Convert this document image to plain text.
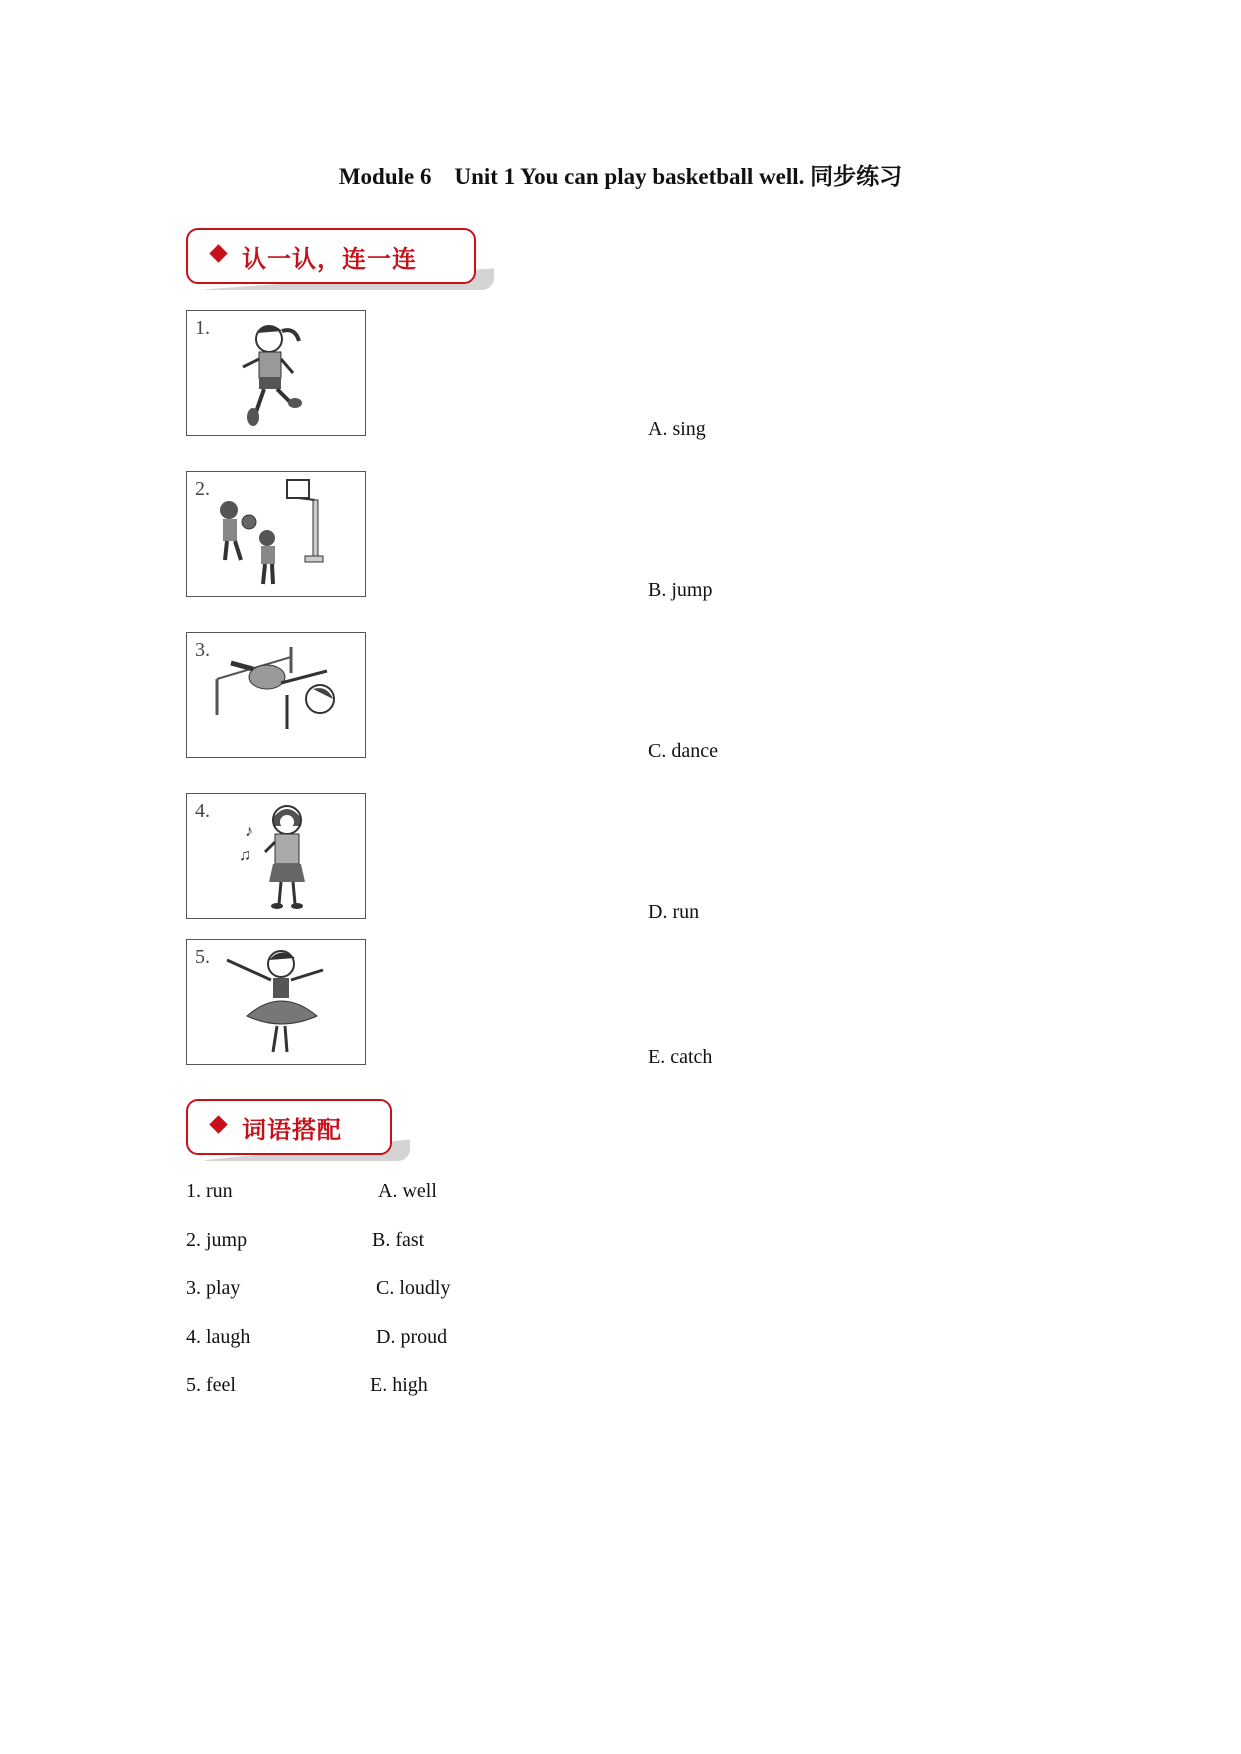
Module 6　Unit 1 You can play basketball well. 同步练习
认一认，连一连
1.
2.
3.
4.
♪
♫
5.
A. sing
B. jump
C. dance
D. run
E. catch
词语搭配
1. run	A. well
2. jump	B. fast
3. play	C. loudly
4. laugh	D. proud
5. feel	E. high
